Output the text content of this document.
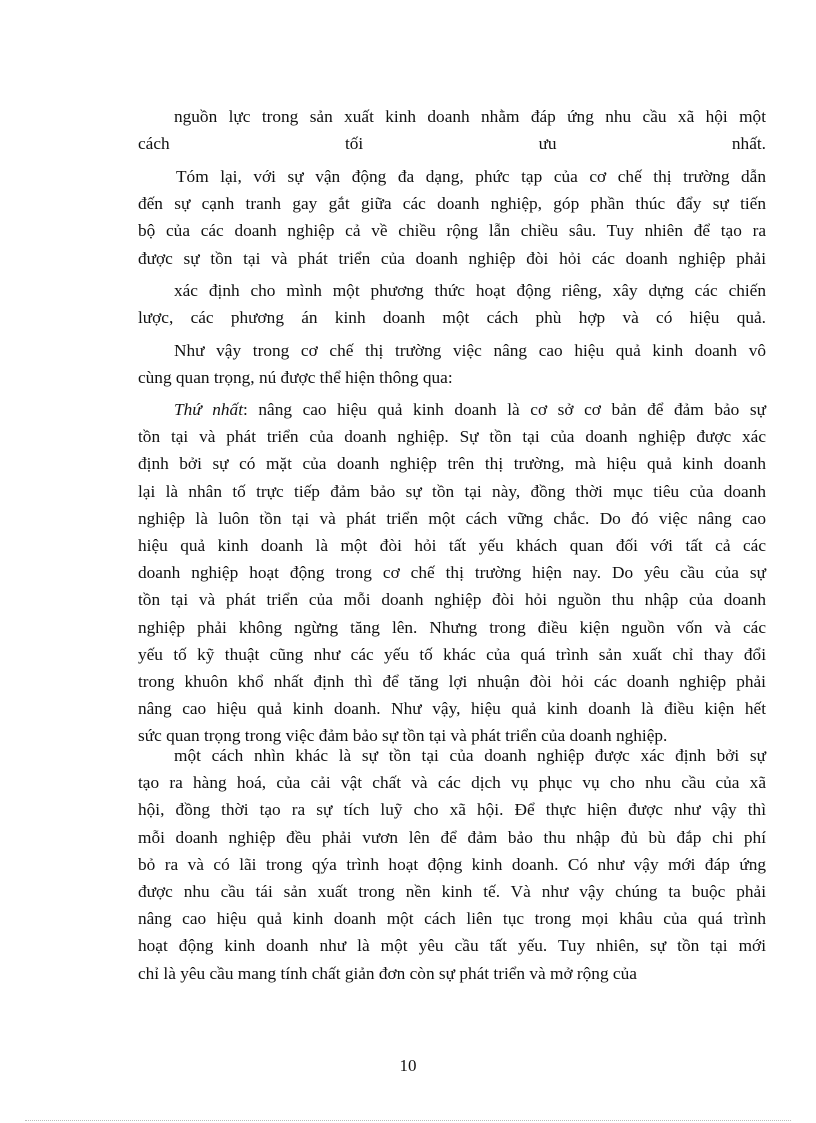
nguồn lực trong sản xuất kinh doanh nhằm đáp ứng nhu cầu xã hội một
cách	tối	ưu	nhất.
Tóm lại, với sự vận động đa dạng, phức tạp của cơ chế thị trường dẫn
đến sự cạnh tranh gay gắt giữa các doanh nghiệp, góp phần thúc đẩy sự tiến
bộ của các doanh nghiệp cả về chiều rộng lẫn chiều sâu. Tuy nhiên để tạo ra
được sự tồn tại và phát triển của doanh nghiệp đòi hỏi các doanh nghiệp phải
xác định cho mình một phương thức hoạt động riêng, xây dựng các chiến
lược, các phương án kinh doanh một cách phù hợp và có hiệu quả.
Như vậy trong cơ chế thị trường việc nâng cao hiệu quả kinh doanh vô
cùng quan trọng, nú được thể hiện thông qua:
Thứ nhất: nâng cao hiệu quả kinh doanh là cơ sở cơ bản để đảm bảo sự
tồn tại và phát triển của doanh nghiệp. Sự tồn tại của doanh nghiệp được xác
định bởi sự có mặt của doanh nghiệp trên thị trường, mà hiệu quả kinh doanh
lại là nhân tố trực tiếp đảm bảo sự tồn tại này, đồng thời mục tiêu của doanh
nghiệp là luôn tồn tại và phát triển một cách vững chắc. Do đó việc nâng cao
hiệu quả kinh doanh là một đòi hỏi tất yếu khách quan đối với tất cả các
doanh nghiệp hoạt động trong cơ chế thị trường hiện nay. Do yêu cầu của sự
tồn tại và phát triển của mỗi doanh nghiệp đòi hỏi nguồn thu nhập của doanh
nghiệp phải không ngừng tăng lên. Nhưng trong điều kiện nguồn vốn và các
yếu tố kỹ thuật cũng như các yếu tố khác của quá trình sản xuất chỉ thay đổi
trong khuôn khổ nhất định thì để tăng lợi nhuận đòi hỏi các doanh nghiệp phải
nâng cao hiệu quả kinh doanh. Như vậy, hiệu quả kinh doanh là điều kiện hết
sức quan trọng trong việc đảm bảo sự tồn tại và phát triển của doanh nghiệp.
một cách nhìn khác là sự tồn tại của doanh nghiệp được xác định bởi sự
tạo ra hàng hoá, của cải vật chất và các dịch vụ phục vụ cho nhu cầu của xã
hội, đồng thời tạo ra sự tích luỹ cho xã hội. Để thực hiện được như vậy thì
mỗi doanh nghiệp đều phải vươn lên để đảm bảo thu nhập đủ bù đắp chi phí
bỏ ra và có lãi trong qýa trình hoạt động kinh doanh. Có như vậy mới đáp ứng
được nhu cầu tái sản xuất trong nền kinh tế. Và như vậy chúng ta buộc phải
nâng cao hiệu quả kinh doanh một cách liên tục trong mọi khâu của quá trình
hoạt động kinh doanh như là một yêu cầu tất yếu. Tuy nhiên, sự tồn tại mới
chỉ là yêu cầu mang tính chất giản đơn còn sự phát triển và mở rộng của
10
